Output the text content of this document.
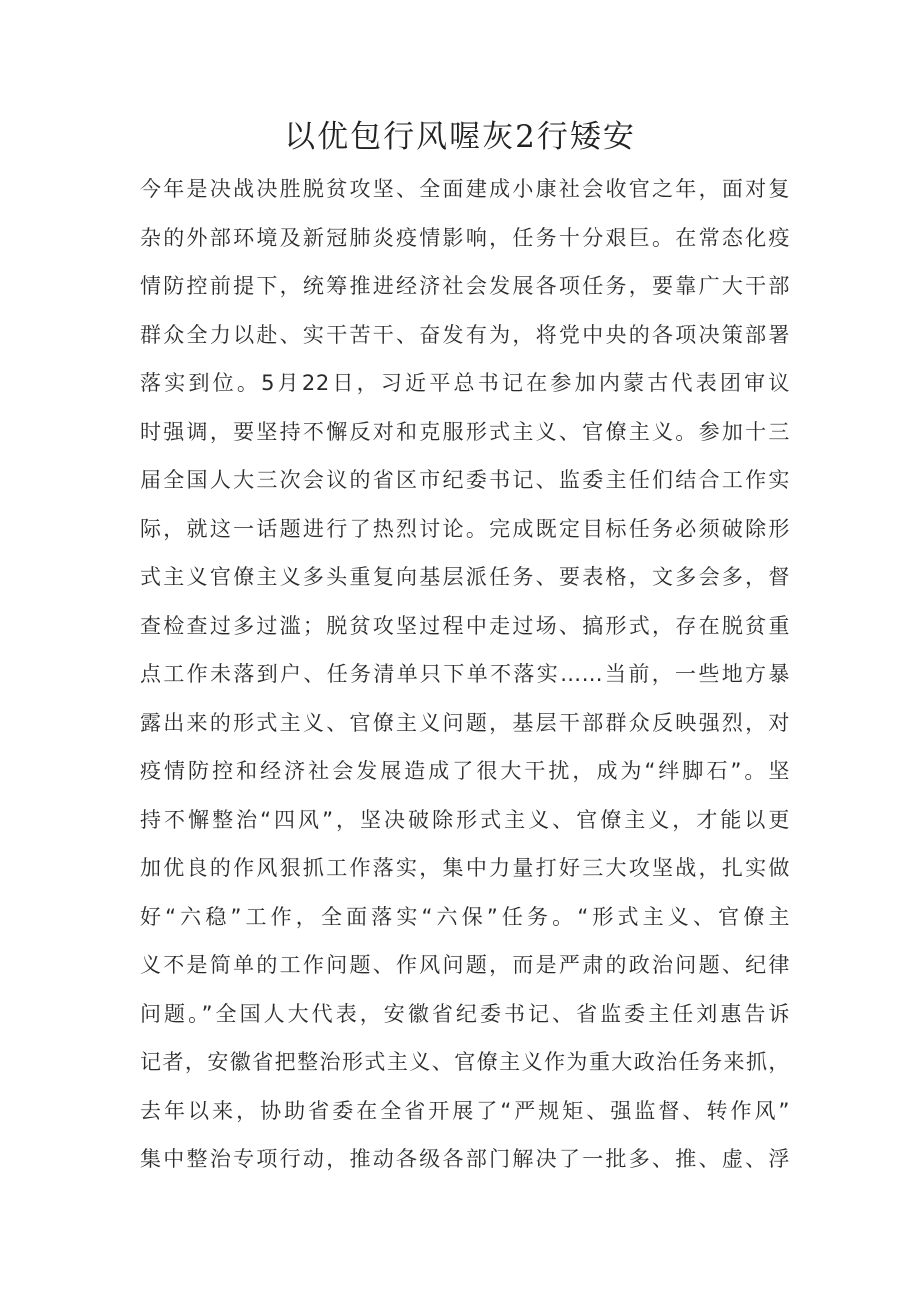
以优包行风喔灰2行矮安
今年是决战决胜脱贫攻坚、全面建成小康社会收官之年，面对复
杂的外部环境及新冠肺炎疫情影响，任务十分艰巨。在常态化疫
情防控前提下，统筹推进经济社会发展各项任务，要靠广大干部
群众全力以赴、实干苦干、奋发有为，将党中央的各项决策部署
落实到位。5月22日，习近平总书记在参加内蒙古代表团审议
时强调，要坚持不懈反对和克服形式主义、官僚主义。参加十三
届全国人大三次会议的省区市纪委书记、监委主任们结合工作实
际，就这一话题进行了热烈讨论。完成既定目标任务必须破除形
式主义官僚主义多头重复向基层派任务、要表格，文多会多，督
查检查过多过滥；脱贫攻坚过程中走过场、搞形式，存在脱贫重
点工作未落到户、任务清单只下单不落实……当前，一些地方暴
露出来的形式主义、官僚主义问题，基层干部群众反映强烈，对
疫情防控和经济社会发展造成了很大干扰，成为“绊脚石”。坚
持不懈整治“四风”，坚决破除形式主义、官僚主义，才能以更
加优良的作风狠抓工作落实，集中力量打好三大攻坚战，扎实做
好“六稳”工作，全面落实“六保”任务。“形式主义、官僚主
义不是简单的工作问题、作风问题，而是严肃的政治问题、纪律
问题。”全国人大代表，安徽省纪委书记、省监委主任刘惠告诉
记者，安徽省把整治形式主义、官僚主义作为重大政治任务来抓，
去年以来，协助省委在全省开展了“严规矩、强监督、转作风”
集中整治专项行动，推动各级各部门解决了一批多、推、虚、浮
